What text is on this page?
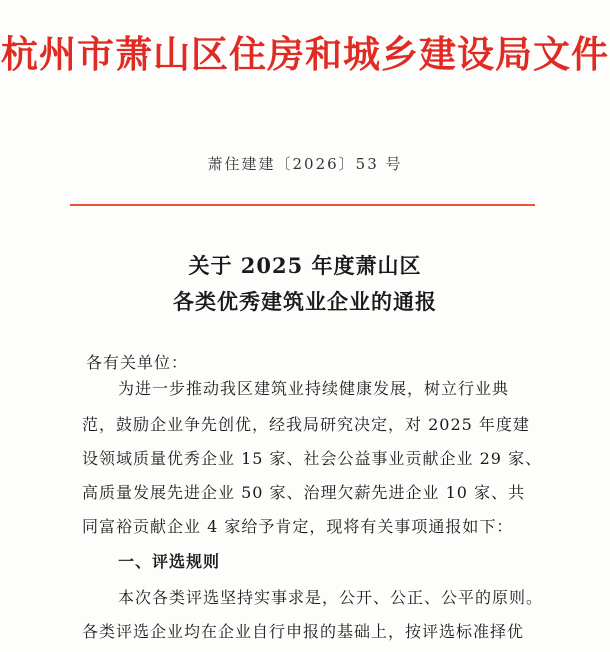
杭州市萧山区住房和城乡建设局文件
萧住建建〔2026〕53 号
关于 2025 年度萧山区
各类优秀建筑业企业的通报
各有关单位：
为进一步推动我区建筑业持续健康发展，树立行业典
范，鼓励企业争先创优，经我局研究决定，对 2025 年度建
设领域质量优秀企业 15 家、社会公益事业贡献企业 29 家、
高质量发展先进企业 50 家、治理欠薪先进企业 10 家、共
同富裕贡献企业 4 家给予肯定，现将有关事项通报如下：
一、评选规则
本次各类评选坚持实事求是，公开、公正、公平的原则。
各类评选企业均在企业自行申报的基础上，按评选标准择优
